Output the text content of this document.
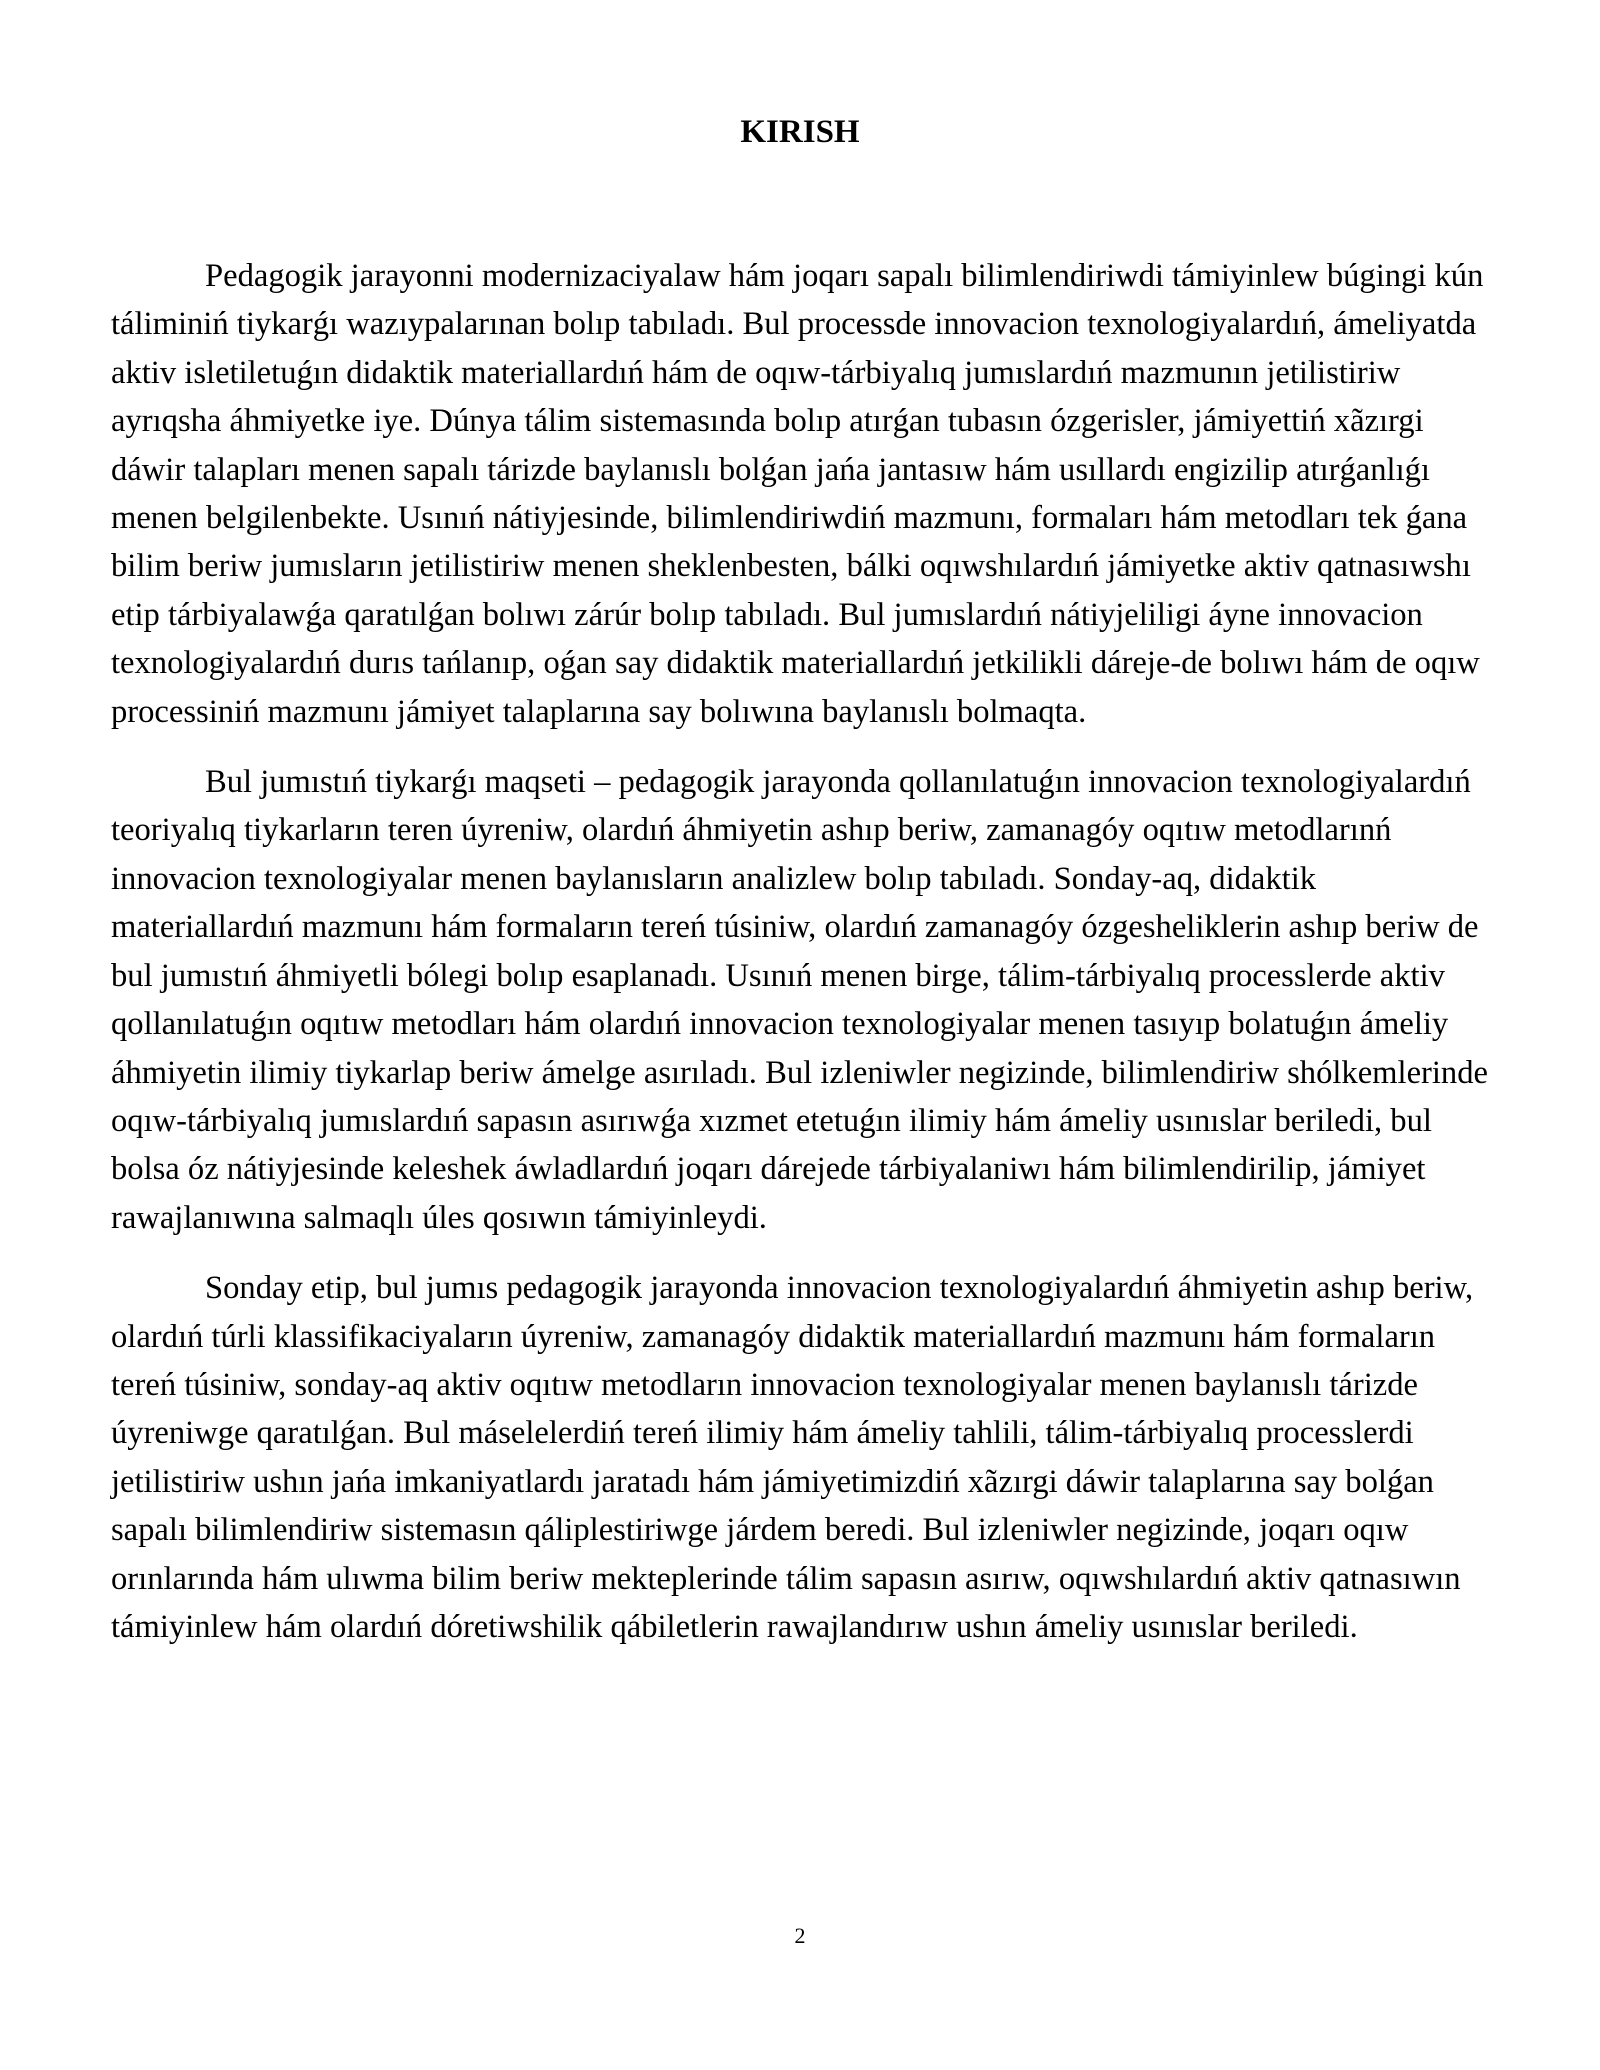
KIRISH

Pedagogik jarayonni modernizaciyalaw hám joqarı sapalı bilimlendiriwdi támiyinlew búgingi kún táliminiń tiykarǵı wazıypalarınan bolıp tabıladı. Bul processde innovacion texnologiyalardıń, ámeliyatda aktiv isletiletuǵın didaktik materiallardıń hám de oqıw-tárbiyalıq jumıslardıń mazmunın jetilistiriw ayrıqsha áhmiyetke iye. Dúnya tálim sistemasında bolıp atırǵan tubasın ózgerisler, jámiyettiń xãzırgi dáwir talapları menen sapalı tárizde baylanıslı bolǵan jańa jantasıw hám usıllardı engizilip atırǵanlıǵı menen belgilenbekte. Usınıń nátiyjesinde, bilimlendiriwdiń mazmunı, formaları hám metodları tek ǵana bilim beriw jumısların jetilistiriw menen sheklenbesten, bálki oqıwshılardıń jámiyetke aktiv qatnasıwshı etip tárbiyalawǵa qaratılǵan bolıwı zárúr bolıp tabıladı. Bul jumıslardıń nátiyjeliligi áyne innovacion texnologiyalardıń durıs tańlanıp, oǵan say didaktik materiallardıń jetkilikli dáreje-de bolıwı hám de oqıw processiniń mazmunı jámiyet talaplarına say bolıwına baylanıslı bolmaqta.

Bul jumıstıń tiykarǵı maqseti – pedagogik jarayonda qollanılatuǵın innovacion texnologiyalardıń teoriyalıq tiykarların teren úyreniw, olardıń áhmiyetin ashıp beriw, zamanagóy oqıtıw metodlarınń innovacion texnologiyalar menen baylanısların analizlew bolıp tabıladı. Sonday-aq, didaktik materiallardıń mazmunı hám formaların tereń túsiniw, olardıń zamanagóy ózgesheliklerin ashıp beriw de bul jumıstıń áhmiyetli bólegi bolıp esaplanadı. Usınıń menen birge, tálim-tárbiyalıq processlerde aktiv qollanılatuǵın oqıtıw metodları hám olardıń innovacion texnologiyalar menen tasıyıp bolatuǵın ámeliy áhmiyetin ilimiy tiykarlap beriw ámelge asırıladı. Bul izleniwler negizinde, bilimlendiriw shólkemlerinde oqıw-tárbiyalıq jumıslardıń sapasın asırıwǵa xızmet etetuǵın ilimiy hám ámeliy usınıslar beriledi, bul bolsa óz nátiyjesinde keleshek áwladlardıń joqarı dárejede tárbiyalaniwı hám bilimlendirilip, jámiyet rawajlanıwına salmaqlı úles qosıwın támiyinleydi.

Sonday etip, bul jumıs pedagogik jarayonda innovacion texnologiyalardıń áhmiyetin ashıp beriw, olardıń túrli klassifikaciyaların úyreniw, zamanagóy didaktik materiallardıń mazmunı hám formaların tereń túsiniw, sonday-aq aktiv oqıtıw metodların innovacion texnologiyalar menen baylanıslı tárizde úyreniwge qaratılǵan. Bul máselelerdiń tereń ilimiy hám ámeliy tahlili, tálim-tárbiyalıq processlerdi jetilistiriw ushın jańa imkaniyatlardı jaratadı hám jámiyetimizdiń xãzırgi dáwir talaplarına say bolǵan sapalı bilimlendiriw sistemasın qáliplestiriwge járdem beredi. Bul izleniwler negizinde, joqarı oqıw orınlarında hám ulıwma bilim beriw mekteplerinde tálim sapasın asırıw, oqıwshılardıń aktiv qatnasıwın támiyinlew hám olardıń dóretiwshilik qábiletlerin rawajlandırıw ushın ámeliy usınıslar beriledi.

2
